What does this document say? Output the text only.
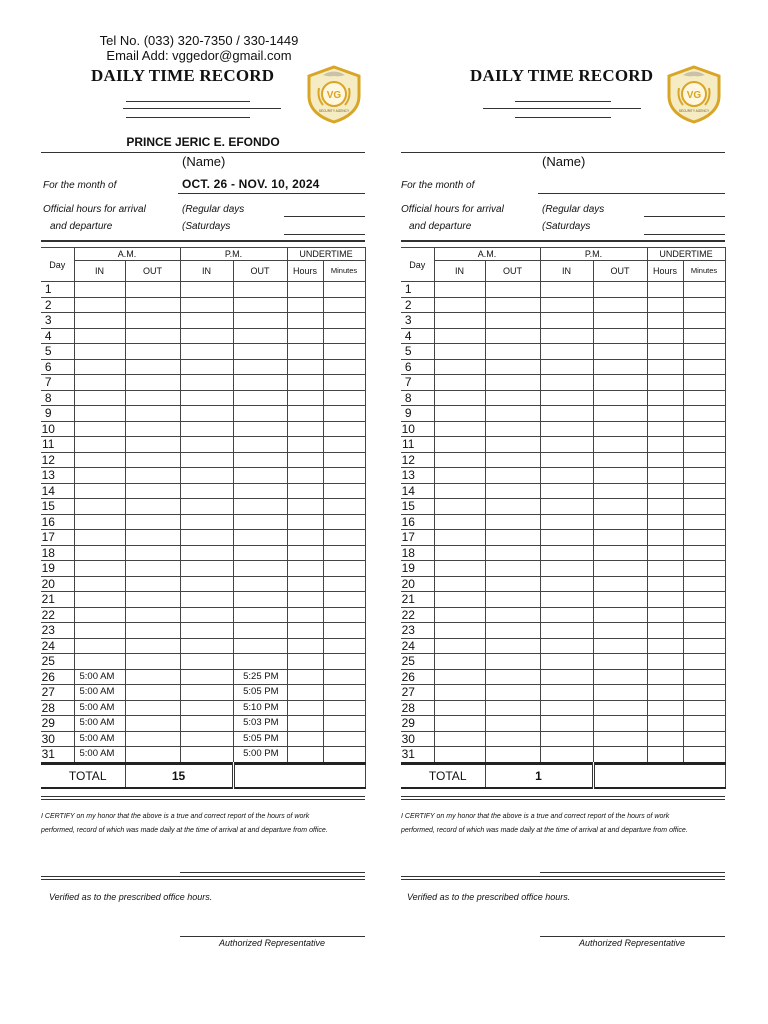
Tel No. (033) 320-7350 / 330-1449
Email Add: vggedor@gmail.com
DAILY TIME RECORD
VG
SECURITY AGENCY
PRINCE JERIC E. EFONDO
(Name)
For the month of	OCT. 26 - NOV. 10, 2024
Official hours for arrival
and departure
(Regular days
(Saturdays
Day	A.M.		P.M.		UNDERTIME	
	IN	OUT	IN	OUT	Hours	Minutes
1						
2						
3						
4						
5						
6						
7						
8						
9						
10						
11						
12						
13						
14						
15						
16						
17						
18						
19						
20						
21						
22						
23						
24						
25						
26	5:00 AM			5:25 PM		
27	5:00 AM			5:05 PM		
28	5:00 AM			5:10 PM		
29	5:00 AM			5:03 PM		
30	5:00 AM			5:05 PM		
31	5:00 AM			5:00 PM		
TOTAL		15				
I CERTIFY on my honor that the above is a true and correct report of the hours of work performed, record of which was made daily at the time of arrival at and departure from office.
Verified as to the prescribed office hours.
Authorized Representative
DAILY TIME RECORD
VG
SECURITY AGENCY
(Name)
For the month of
Official hours for arrival
and departure
(Regular days
(Saturdays
Day	A.M.		P.M.		UNDERTIME	
	IN	OUT	IN	OUT	Hours	Minutes
1						
2						
3						
4						
5						
6						
7						
8						
9						
10						
11						
12						
13						
14						
15						
16						
17						
18						
19						
20						
21						
22						
23						
24						
25						
26						
27						
28						
29						
30						
31						
TOTAL		1				
I CERTIFY on my honor that the above is a true and correct report of the hours of work performed, record of which was made daily at the time of arrival at and departure from office.
Verified as to the prescribed office hours.
Authorized Representative
